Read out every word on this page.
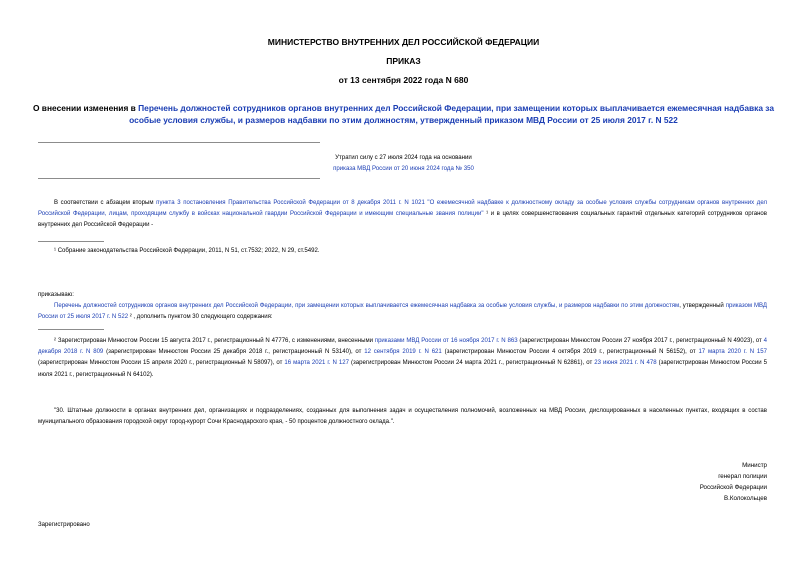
МИНИСТЕРСТВО ВНУТРЕННИХ ДЕЛ РОССИЙСКОЙ ФЕДЕРАЦИИ
ПРИКАЗ
от 13 сентября 2022 года N 680
О внесении изменения в Перечень должностей сотрудников органов внутренних дел Российской Федерации, при замещении которых выплачивается ежемесячная надбавка за особые условия службы, и размеров надбавки по этим должностям, утвержденный приказом МВД России от 25 июля 2017 г. N 522
Утратил силу с 27 июля 2024 года на основании
приказа МВД России от 20 июня 2024 года № 350
В соответствии с абзацем вторым пункта 3 постановления Правительства Российской Федерации от 8 декабря 2011 г. N 1021 "О ежемесячной надбавке к должностному окладу за особые условия службы сотрудникам органов внутренних дел Российской Федерации, лицам, проходящим службу в войсках национальной гвардии Российской Федерации и имеющим специальные звания полиции" ¹ и в целях совершенствования социальных гарантий отдельных категорий сотрудников органов внутренних дел Российской Федерации -
¹ Собрание законодательства Российской Федерации, 2011, N 51, ст.7532; 2022, N 29, ст.5492.
приказываю:
Перечень должностей сотрудников органов внутренних дел Российской Федерации, при замещении которых выплачивается ежемесячная надбавка за особые условия службы, и размеров надбавки по этим должностям, утвержденный приказом МВД России от 25 июля 2017 г. N 522 ² , дополнить пунктом 30 следующего содержания:
² Зарегистрирован Минюстом России 15 августа 2017 г., регистрационный N 47776, с изменениями, внесенными приказами МВД России от 16 ноября 2017 г. N 863 (зарегистрирован Минюстом России 27 ноября 2017 г., регистрационный N 49023), от 4 декабря 2018 г. N 809 (зарегистрирован Минюстом России 25 декабря 2018 г., регистрационный N 53140), от 12 сентября 2019 г. N 621 (зарегистрирован Минюстом России 4 октября 2019 г., регистрационный N 56152), от 17 марта 2020 г. N 157 (зарегистрирован Минюстом России 15 апреля 2020 г., регистрационный N 58097), от 16 марта 2021 г. N 127 (зарегистрирован Минюстом России 24 марта 2021 г., регистрационный N 62861), от 23 июня 2021 г. N 478 (зарегистрирован Минюстом России 5 июля 2021 г., регистрационный N 64102).
"30. Штатные должности в органах внутренних дел, организациях и подразделениях, созданных для выполнения задач и осуществления полномочий, возложенных на МВД России, дислоцированных в населенных пунктах, входящих в состав муниципального образования городской округ город-курорт Сочи Краснодарского края, - 50 процентов должностного оклада.".
Министр
генерал полиции
Российской Федерации
В.Колокольцев
Зарегистрировано
